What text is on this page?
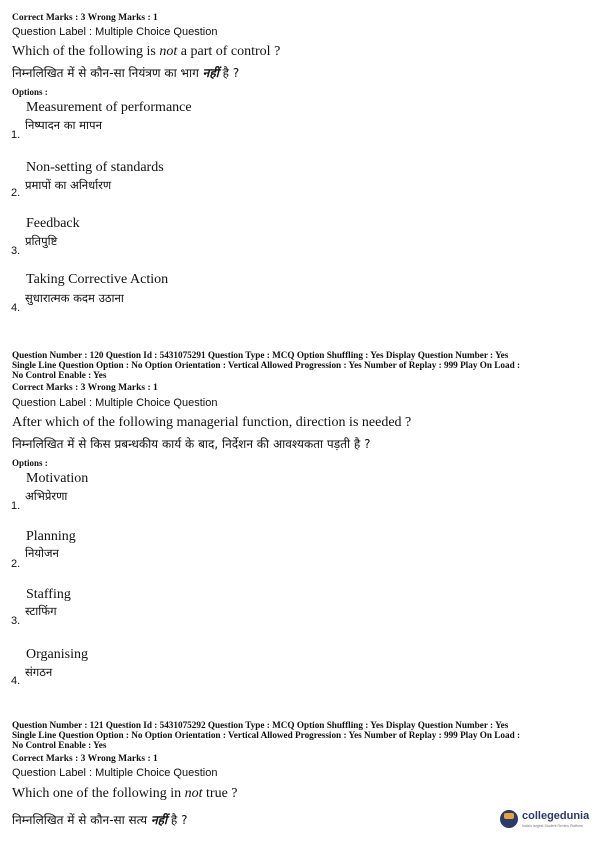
Correct Marks : 3 Wrong Marks : 1
Question Label : Multiple Choice Question
Which of the following is not a part of control ?
निम्नलिखित में से कौन-सा नियंत्रण का भाग नहीं है ?
Options :
Measurement of performance
निष्पादन का मापन
1.
Non-setting of standards
प्रमापों का अनिर्धारण
2.
Feedback
प्रतिपुष्टि
3.
Taking Corrective Action
सुधारात्मक कदम उठाना
4.
Question Number : 120 Question Id : 5431075291 Question Type : MCQ Option Shuffling : Yes Display Question Number : Yes
Single Line Question Option : No Option Orientation : Vertical Allowed Progression : Yes Number of Replay : 999 Play On Load :
No Control Enable : Yes
Correct Marks : 3 Wrong Marks : 1
Question Label : Multiple Choice Question
After which of the following managerial function, direction is needed ?
निम्नलिखित में से किस प्रबन्धकीय कार्य के बाद, निर्देशन की आवश्यकता पड़ती है ?
Options :
Motivation
अभिप्रेरणा
1.
Planning
नियोजन
2.
Staffing
स्टाफिंग
3.
Organising
संगठन
4.
Question Number : 121 Question Id : 5431075292 Question Type : MCQ Option Shuffling : Yes Display Question Number : Yes
Single Line Question Option : No Option Orientation : Vertical Allowed Progression : Yes Number of Replay : 999 Play On Load :
No Control Enable : Yes
Correct Marks : 3 Wrong Marks : 1
Question Label : Multiple Choice Question
Which one of the following in not true ?
निम्नलिखित में से कौन-सा सत्य नहीं है ?	collegedunia
India's largest Student Review Platform
